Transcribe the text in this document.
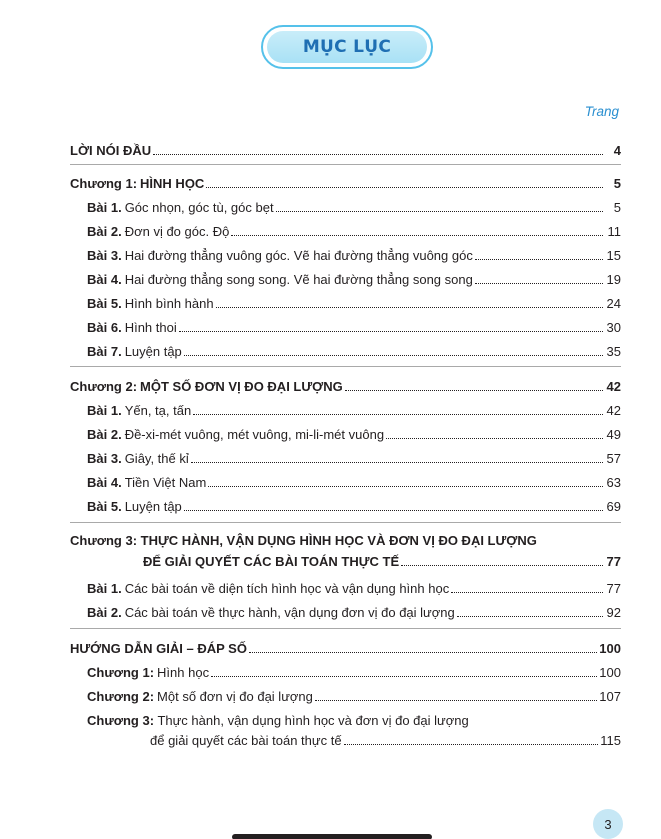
MỤC LỤC
Trang
LỜI NÓI ĐẦU	4
Chương 1: HÌNH HỌC	5
Bài 1. Góc nhọn, góc tù, góc bẹt	5
Bài 2. Đơn vị đo góc. Độ	11
Bài 3. Hai đường thẳng vuông góc. Vẽ hai đường thẳng vuông góc	15
Bài 4. Hai đường thẳng song song. Vẽ hai đường thẳng song song	19
Bài 5. Hình bình hành	24
Bài 6. Hình thoi	30
Bài 7. Luyện tập	35
Chương 2: MỘT SỐ ĐƠN VỊ ĐO ĐẠI LƯỢNG	42
Bài 1. Yến, tạ, tấn	42
Bài 2. Đề-xi-mét vuông, mét vuông, mi-li-mét vuông	49
Bài 3. Giây, thế kỉ	57
Bài 4. Tiền Việt Nam	63
Bài 5. Luyện tập	69
Chương 3: THỰC HÀNH, VẬN DỤNG HÌNH HỌC VÀ ĐƠN VỊ ĐO ĐẠI LƯỢNG
ĐỂ GIẢI QUYẾT CÁC BÀI TOÁN THỰC TẾ	77
Bài 1. Các bài toán về diện tích hình học và vận dụng hình học	77
Bài 2. Các bài toán về thực hành, vận dụng đơn vị đo đại lượng	92
HƯỚNG DẪN GIẢI – ĐÁP SỐ	100
Chương 1: Hình học	100
Chương 2: Một số đơn vị đo đại lượng	107
Chương 3: Thực hành, vận dụng hình học và đơn vị đo đại lượng
để giải quyết các bài toán thực tế	115
3
